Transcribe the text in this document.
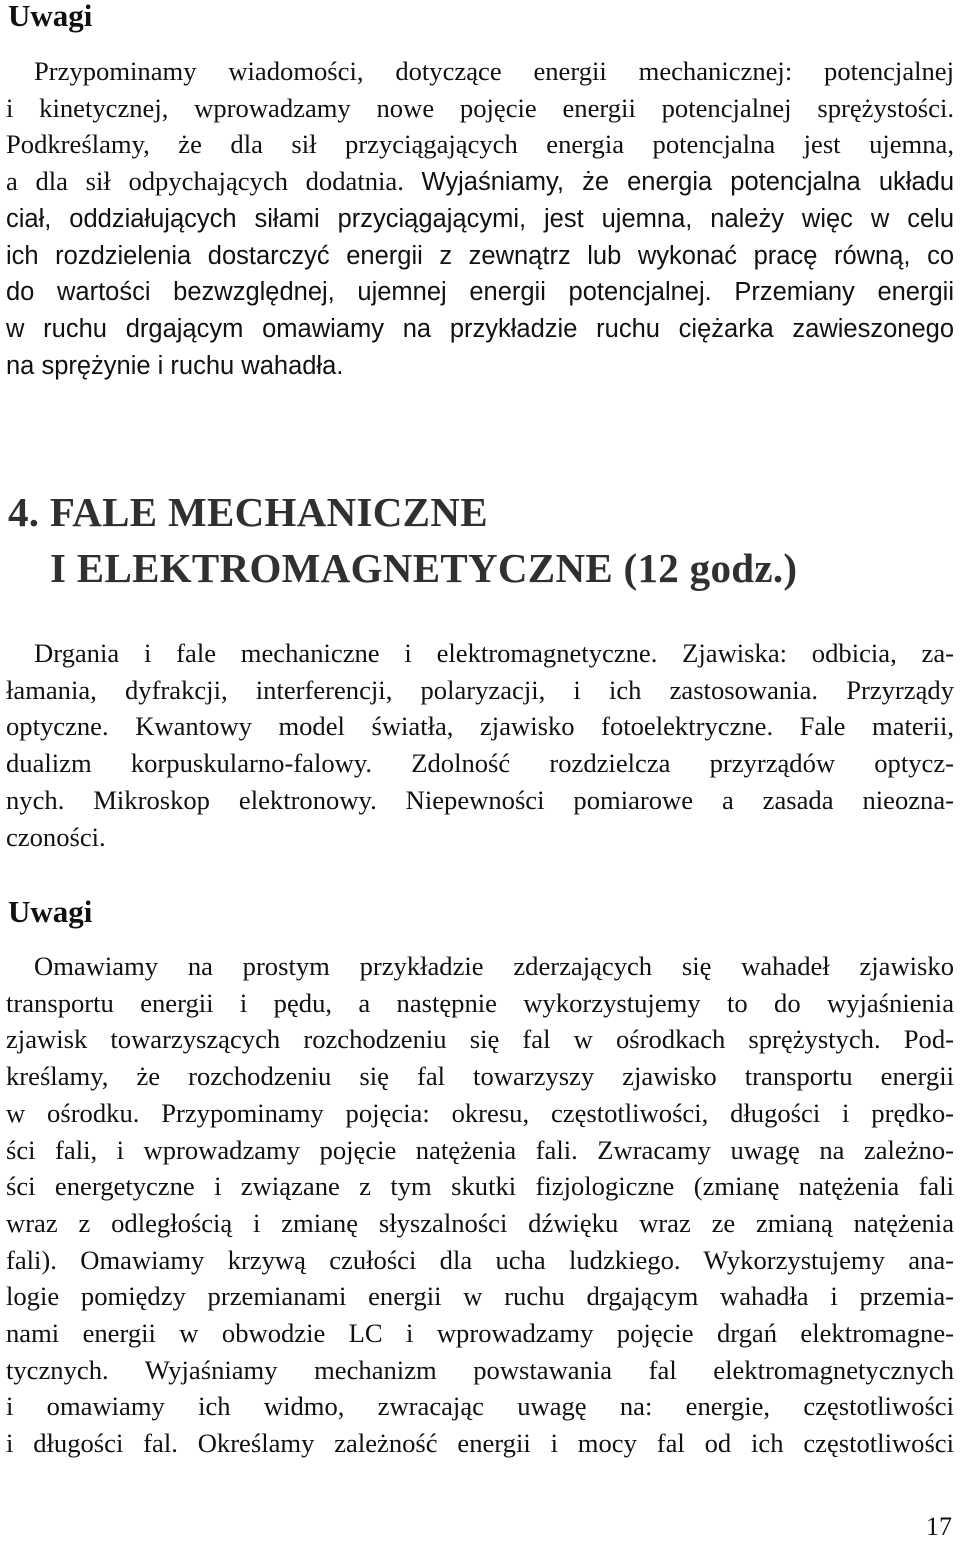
Uwagi
Przypominamy wiadomości, dotyczące energii mechanicznej: potencjalnej
i kinetycznej, wprowadzamy nowe pojęcie energii potencjalnej sprężystości.
Podkreślamy, że dla sił przyciągających energia potencjalna jest ujemna,
a dla sił odpychających dodatnia. Wyjaśniamy, że energia potencjalna układu
ciał, oddziałujących siłami przyciągającymi, jest ujemna, należy więc w celu
ich rozdzielenia dostarczyć energii z zewnątrz lub wykonać pracę równą, co
do wartości bezwzględnej, ujemnej energii potencjalnej. Przemiany energii
w ruchu drgającym omawiamy na przykładzie ruchu ciężarka zawieszonego
na sprężynie i ruchu wahadła.
4. FALE MECHANICZNE
I ELEKTROMAGNETYCZNE (12 godz.)
Drgania i fale mechaniczne i elektromagnetyczne. Zjawiska: odbicia, za-
łamania, dyfrakcji, interferencji, polaryzacji, i ich zastosowania. Przyrządy
optyczne. Kwantowy model światła, zjawisko fotoelektryczne. Fale materii,
dualizm korpuskularno-falowy. Zdolność rozdzielcza przyrządów optycz-
nych. Mikroskop elektronowy. Niepewności pomiarowe a zasada nieozna-
czoności.
Uwagi
Omawiamy na prostym przykładzie zderzających się wahadeł zjawisko
transportu energii i pędu, a następnie wykorzystujemy to do wyjaśnienia
zjawisk towarzyszących rozchodzeniu się fal w ośrodkach sprężystych. Pod-
kreślamy, że rozchodzeniu się fal towarzyszy zjawisko transportu energii
w ośrodku. Przypominamy pojęcia: okresu, częstotliwości, długości i prędko-
ści fali, i wprowadzamy pojęcie natężenia fali. Zwracamy uwagę na zależno-
ści energetyczne i związane z tym skutki fizjologiczne (zmianę natężenia fali
wraz z odległością i zmianę słyszalności dźwięku wraz ze zmianą natężenia
fali). Omawiamy krzywą czułości dla ucha ludzkiego. Wykorzystujemy ana-
logie pomiędzy przemianami energii w ruchu drgającym wahadła i przemia-
nami energii w obwodzie LC i wprowadzamy pojęcie drgań elektromagne-
tycznych. Wyjaśniamy mechanizm powstawania fal elektromagnetycznych
i omawiamy ich widmo, zwracając uwagę na: energie, częstotliwości
i długości fal. Określamy zależność energii i mocy fal od ich częstotliwości
17
